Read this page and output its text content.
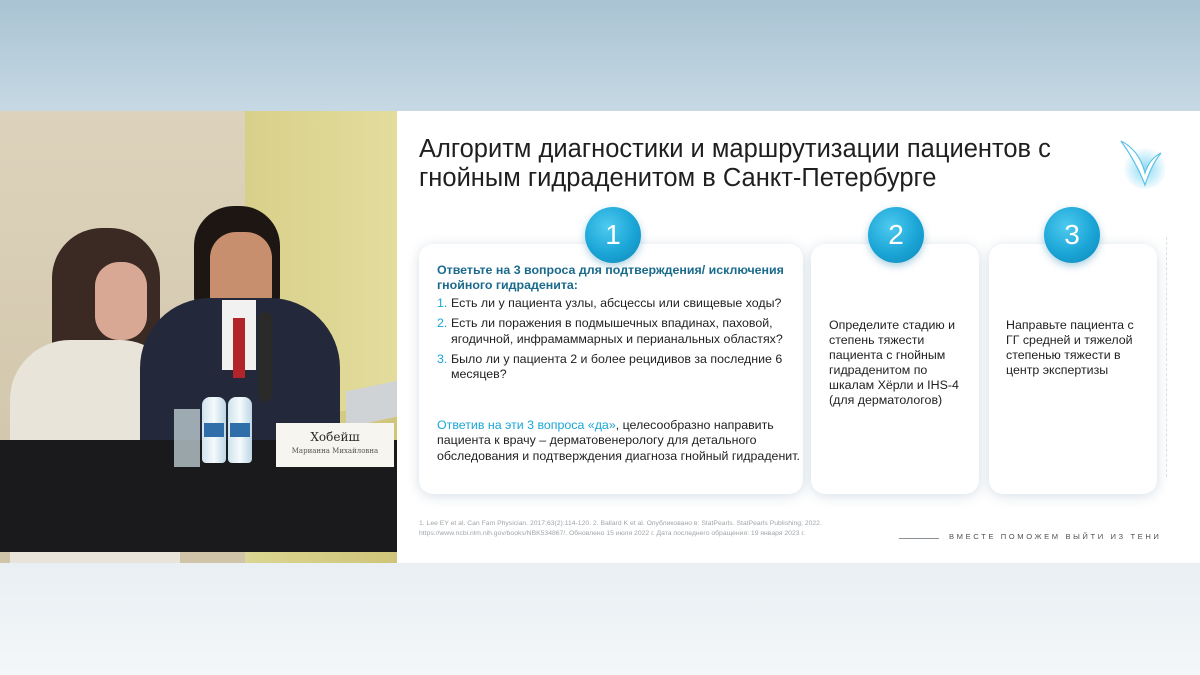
Хобейш
Марианна Михайловна
Алгоритм диагностики и маршрутизации пациентов с гнойным гидраденитом в Санкт-Петербурге
Ответьте на 3 вопроса для подтверждения/ исключения гнойного гидраденита:
1. Есть ли у пациента узлы, абсцессы или свищевые ходы?
2. Есть ли поражения в подмышечных впадинах, паховой, ягодичной, инфрамаммарных и перианальных областях?
3. Было ли у пациента 2 и более рецидивов за последние 6 месяцев?
Ответив на эти 3 вопроса «да», целесообразно направить пациента к врачу – дерматовенерологу для детального обследования и подтверждения диагноза гнойный гидраденит.
1
Определите стадию и степень тяжести пациента с гнойным гидраденитом по шкалам Хёрли и IHS-4 (для дерматологов)
2
Направьте пациента с ГГ средней и тяжелой степенью тяжести в центр экспертизы
3
1. Lee EY et al. Can Fam Physician. 2017;63(2):114-120. 2. Ballard K et al. Опубликовано в: StatPearls. StatPearls Publishing; 2022.
https://www.ncbi.nlm.nih.gov/books/NBK534867/. Обновлено 15 июля 2022 г. Дата последнего обращения: 19 января 2023 г.	ВМЕСТЕ ПОМОЖЕМ ВЫЙТИ ИЗ ТЕНИ
